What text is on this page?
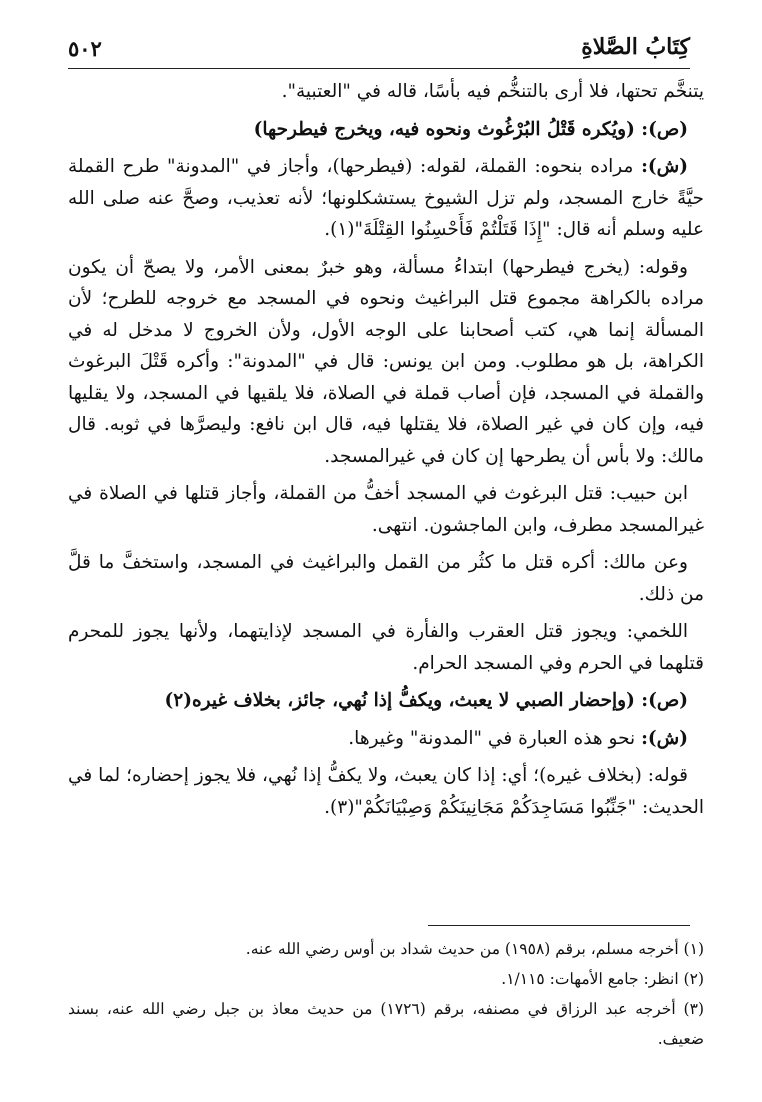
كِتَابُ الصَّلاةِ
٥٠٢

يتنخَّم تحتها، فلا أرى بالتنخُّم فيه بأسًا، قاله في "العتبية".

(ص): (ويُكره قَتْلُ البُرْغُوث ونحوه فيه، ويخرج فيطرحها)

(ش): مراده بنحوه: القملة، لقوله: (فيطرحها)، وأجاز في "المدونة" طرح القملة حيَّةً خارج المسجد، ولم تزل الشيوخ يستشكلونها؛ لأنه تعذيب، وصحَّ عنه صلى الله عليه وسلم أنه قال: "إِذَا قَتَلْتُمْ فَأَحْسِنُوا القِتْلَةَ"(١).

وقوله: (يخرج فيطرحها) ابتداءُ مسألة، وهو خبرٌ بمعنى الأمر، ولا يصحّ أن يكون مراده بالكراهة مجموع قتل البراغيث ونحوه في المسجد مع خروجه للطرح؛ لأن المسألة إنما هي، كتب أصحابنا على الوجه الأول، ولأن الخروج لا مدخل له في الكراهة، بل هو مطلوب. ومن ابن يونس: قال في "المدونة": وأكره قَتْلَ البرغوث والقملة في المسجد، فإن أصاب قملة في الصلاة، فلا يلقيها في المسجد، ولا يقليها فيه، وإن كان في غير الصلاة، فلا يقتلها فيه، قال ابن نافع: وليصرَّها في ثوبه. قال مالك: ولا بأس أن يطرحها إن كان في غيرالمسجد.

ابن حبيب: قتل البرغوث في المسجد أخفُّ من القملة، وأجاز قتلها في الصلاة في غيرالمسجد مطرف، وابن الماجشون. انتهى.

وعن مالك: أكره قتل ما كثُر من القمل والبراغيث في المسجد، واستخفَّ ما قلَّ من ذلك.

اللخمي: ويجوز قتل العقرب والفأرة في المسجد لإذايتهما، ولأنها يجوز للمحرم قتلهما في الحرم وفي المسجد الحرام.

(ص): (وإحضار الصبي لا يعبث، ويكفُّ إذا نُهي، جائز، بخلاف غيره(٢)

(ش): نحو هذه العبارة في "المدونة" وغيرها.

قوله: (بخلاف غيره)؛ أي: إذا كان يعبث، ولا يكفُّ إذا نُهي، فلا يجوز إحضاره؛ لما في الحديث: "جَنِّبُوا مَسَاجِدَكُمْ مَجَانِينَكُمْ وَصِبْيَانَكُمْ"(٣).

(١) أخرجه مسلم، برقم (١٩٥٨) من حديث شداد بن أوس رضي الله عنه.
(٢) انظر: جامع الأمهات: ١/١١٥.
(٣) أخرجه عبد الرزاق في مصنفه، برقم (١٧٢٦) من حديث معاذ بن جبل رضي الله عنه، بسند ضعيف.
